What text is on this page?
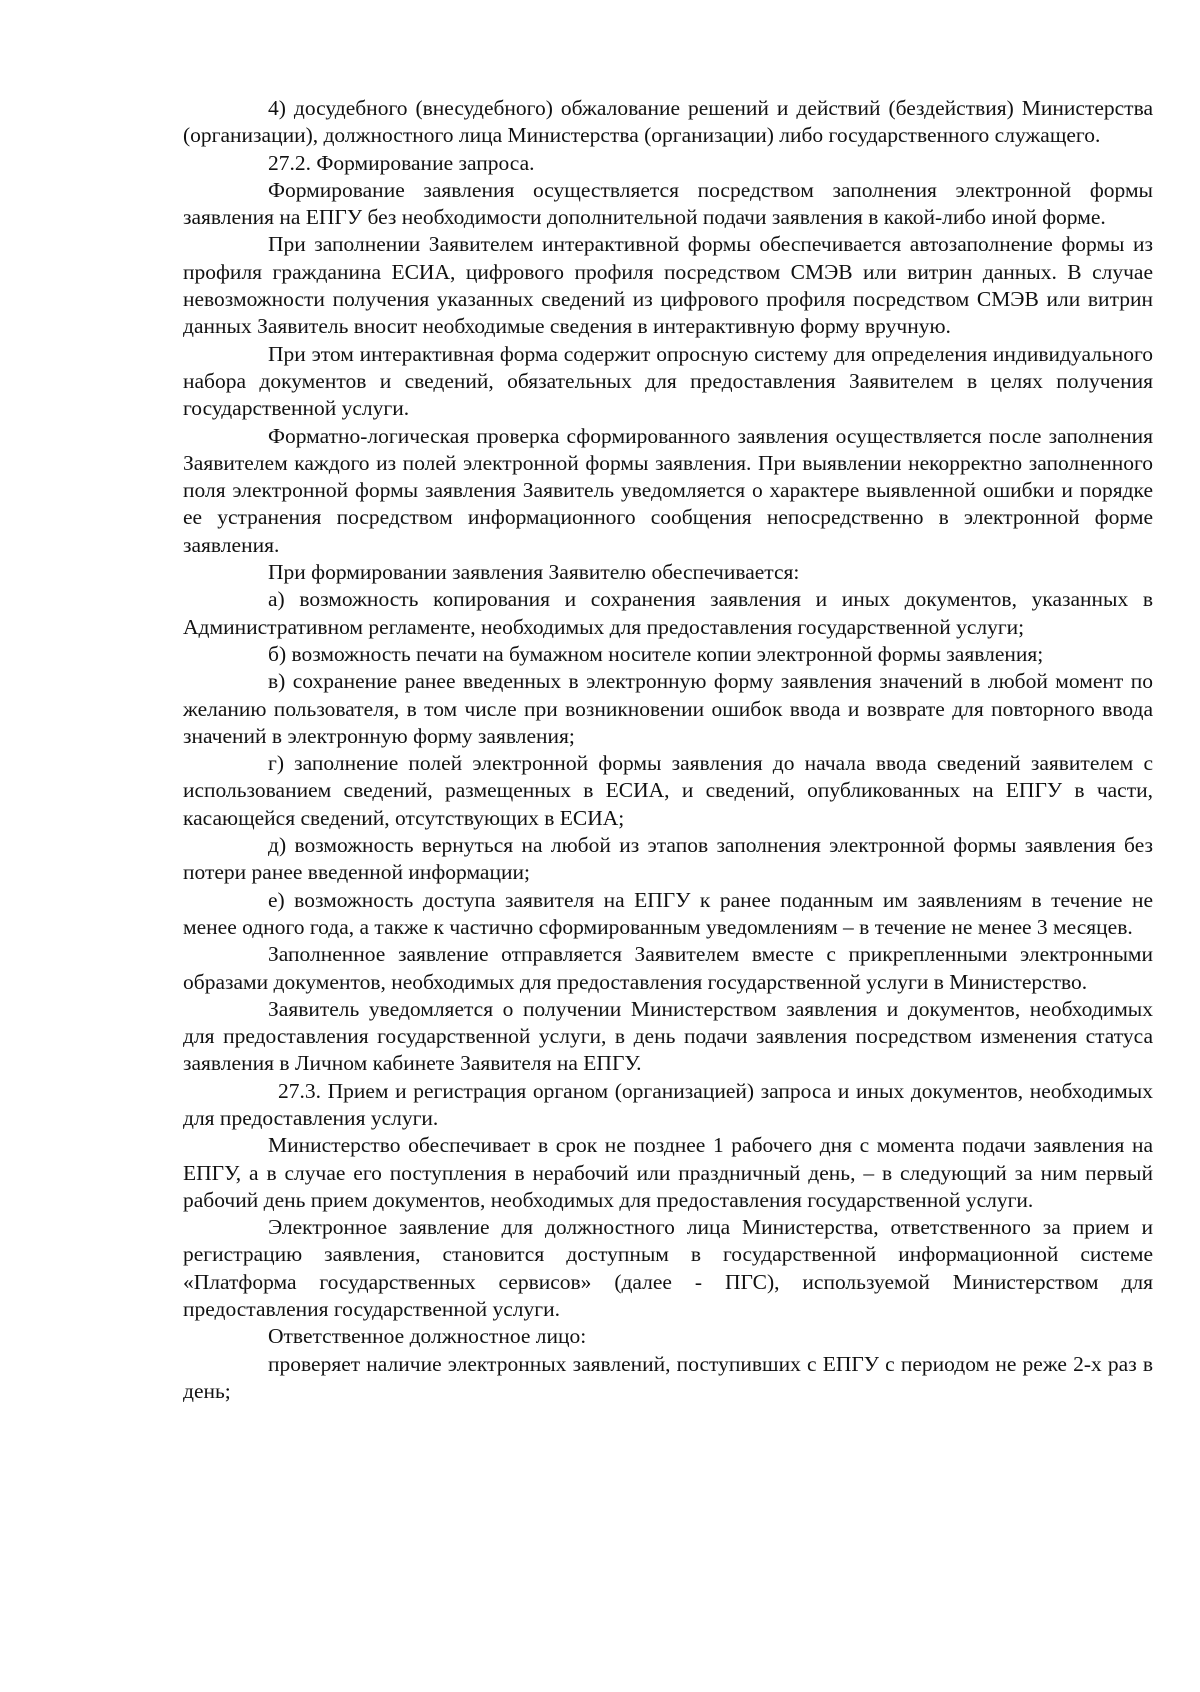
4) досудебного (внесудебного) обжалование решений и действий (бездействия) Министерства (организации), должностного лица Министерства (организации) либо государственного служащего.

27.2. Формирование запроса.

Формирование заявления осуществляется посредством заполнения электронной формы заявления на ЕПГУ без необходимости дополнительной подачи заявления в какой-либо иной форме.

При заполнении Заявителем интерактивной формы обеспечивается автозаполнение формы из профиля гражданина ЕСИА, цифрового профиля посредством СМЭВ или витрин данных. В случае невозможности получения указанных сведений из цифрового профиля посредством СМЭВ или витрин данных Заявитель вносит необходимые сведения в интерактивную форму вручную.

При этом интерактивная форма содержит опросную систему для определения индивидуального набора документов и сведений, обязательных для предоставления Заявителем в целях получения государственной услуги.

Форматно-логическая проверка сформированного заявления осуществляется после заполнения Заявителем каждого из полей электронной формы заявления. При выявлении некорректно заполненного поля электронной формы заявления Заявитель уведомляется о характере выявленной ошибки и порядке ее устранения посредством информационного сообщения непосредственно в электронной форме заявления.

При формировании заявления Заявителю обеспечивается:

а) возможность копирования и сохранения заявления и иных документов, указанных в Административном регламенте, необходимых для предоставления государственной услуги;

б) возможность печати на бумажном носителе копии электронной формы заявления;

в) сохранение ранее введенных в электронную форму заявления значений в любой момент по желанию пользователя, в том числе при возникновении ошибок ввода и возврате для повторного ввода значений в электронную форму заявления;

г) заполнение полей электронной формы заявления до начала ввода сведений заявителем с использованием сведений, размещенных в ЕСИА, и сведений, опубликованных на ЕПГУ в части, касающейся сведений, отсутствующих в ЕСИА;

д) возможность вернуться на любой из этапов заполнения электронной формы заявления без потери ранее введенной информации;

е) возможность доступа заявителя на ЕПГУ к ранее поданным им заявлениям в течение не менее одного года, а также к частично сформированным уведомлениям – в течение не менее 3 месяцев.

Заполненное заявление отправляется Заявителем вместе с прикрепленными электронными образами документов, необходимых для предоставления государственной услуги в Министерство.

Заявитель уведомляется о получении Министерством заявления и документов, необходимых для предоставления государственной услуги, в день подачи заявления посредством изменения статуса заявления в Личном кабинете Заявителя на ЕПГУ.

27.3. Прием и регистрация органом (организацией) запроса и иных документов, необходимых для предоставления услуги.

Министерство обеспечивает в срок не позднее 1 рабочего дня с момента подачи заявления на ЕПГУ, а в случае его поступления в нерабочий или праздничный день, – в следующий за ним первый рабочий день прием документов, необходимых для предоставления государственной услуги.

Электронное заявление для должностного лица Министерства, ответственного за прием и регистрацию заявления, становится доступным в государственной информационной системе «Платформа государственных сервисов» (далее - ПГС), используемой Министерством для предоставления государственной услуги.

Ответственное должностное лицо:

проверяет наличие электронных заявлений, поступивших с ЕПГУ с периодом не реже 2-х раз в день;
